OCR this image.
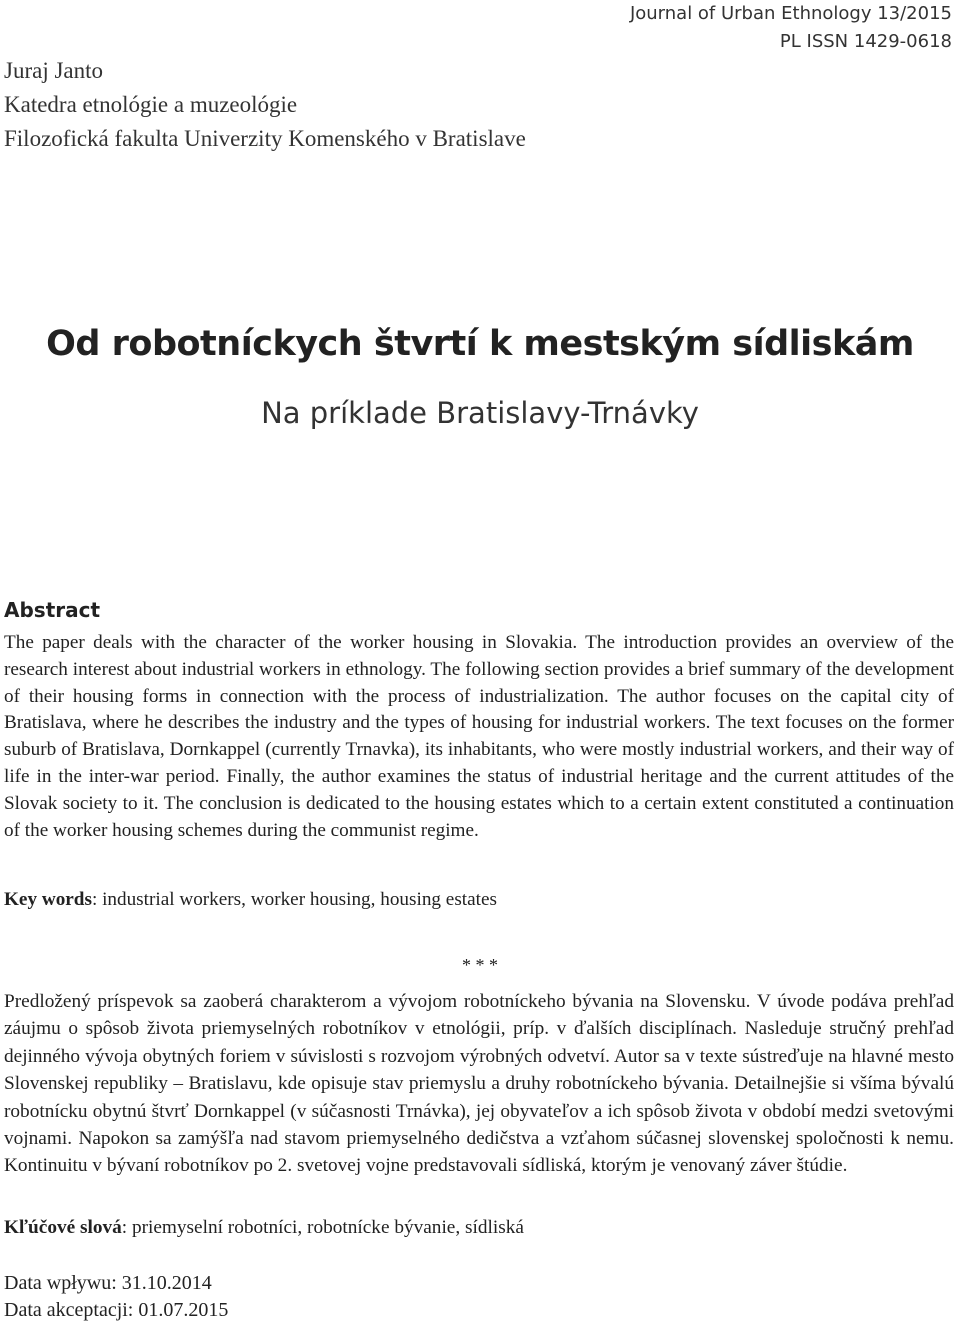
Journal of Urban Ethnology 13/2015
PL ISSN 1429-0618
Juraj Janto
Katedra etnológie a muzeológie
Filozofická fakulta Univerzity Komenského v Bratislave
Od robotníckych štvrtí k mestským sídliskám
Na príklade Bratislavy-Trnávky
Abstract

The paper deals with the character of the worker housing in Slovakia. The introduction provides an overview of the research interest about industrial workers in ethnology. The following section provides a brief summary of the development of their housing forms in connection with the process of industrialization. The author focuses on the capital city of Bratislava, where he describes the industry and the types of housing for industrial workers. The text focuses on the former suburb of Bratislava, Dornkappel (currently Trnavka), its inhabitants, who were mostly industrial workers, and their way of life in the inter-war period. Finally, the author examines the status of industrial heritage and the current attitudes of the Slovak society to it. The conclusion is dedicated to the housing estates which to a certain extent constituted a continuation of the worker housing schemes during the communist regime.

Key words: industrial workers, worker housing, housing estates

* * *

Predložený príspevok sa zaoberá charakterom a vývojom robotníckeho bývania na Slovensku. V úvode podáva prehľad záujmu o spôsob života priemyselných robotníkov v etnológii, príp. v ďalších disciplínach. Nasleduje stručný prehľad dejinného vývoja obytných foriem v súvislosti s rozvojom výrobných odvetví. Autor sa v texte sústreďuje na hlavné mesto Slovenskej republiky – Bratislavu, kde opisuje stav priemyslu a druhy robotníckeho bývania. Detailnejšie si všíma bývalú robotnícku obytnú štvrť Dornkappel (v súčasnosti Trnávka), jej obyvateľov a ich spôsob života v období medzi svetovými vojnami. Napokon sa zamýšľa nad stavom priemyselného dedičstva a vzťahom súčasnej slovenskej spoločnosti k nemu. Kontinuitu v bývaní robotníkov po 2. svetovej vojne predstavovali sídliská, ktorým je venovaný záver štúdie.

Kľúčové slová: priemyselní robotníci, robotnícke bývanie, sídliská

Data wpływu: 31.10.2014
Data akceptacji: 01.07.2015
